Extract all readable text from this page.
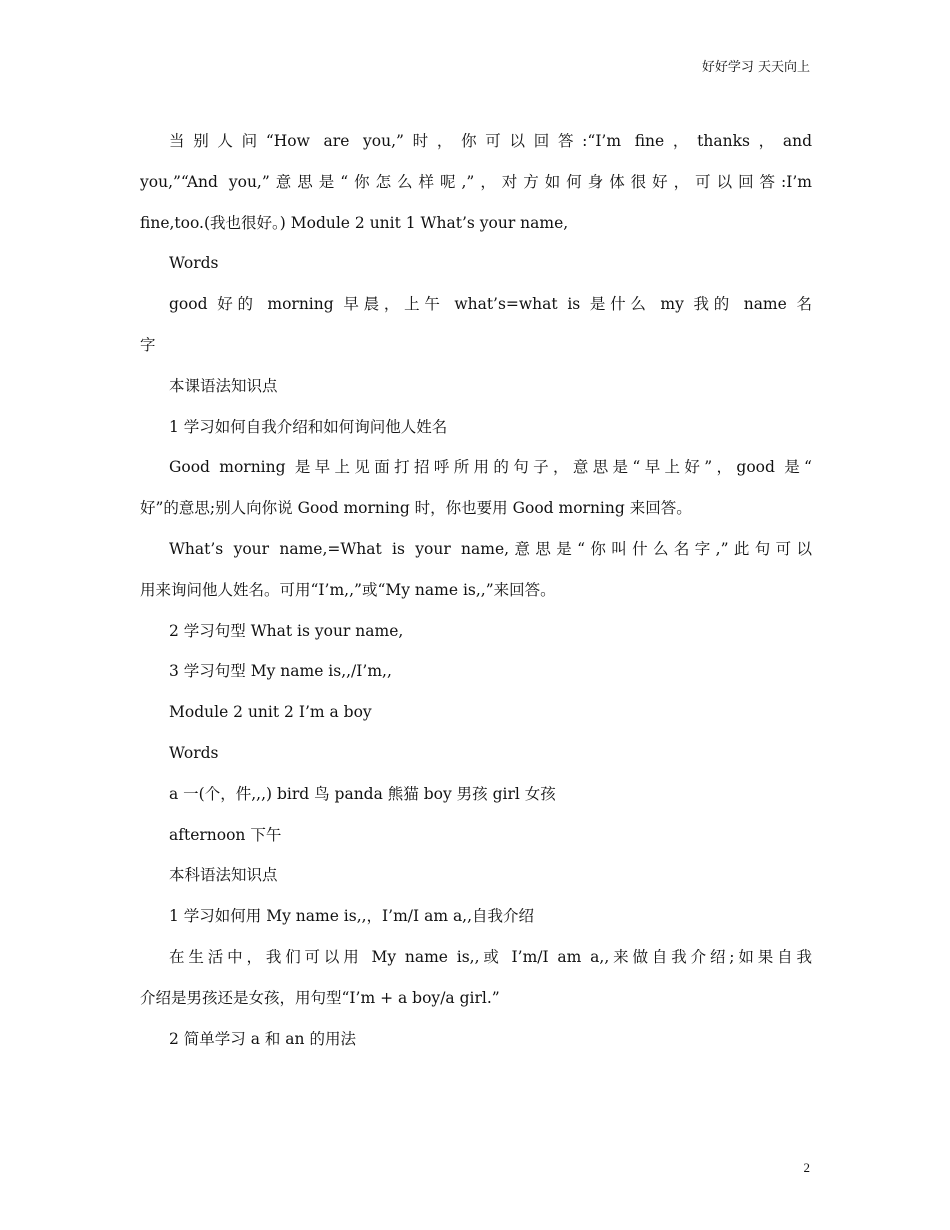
好好学习 天天向上
当别人问“How are you,”时，你可以回答:“I’m fine，thanks，and
you,”“And you,”意思是“你怎么样呢,”，对方如何身体很好，可以回答:I’m
fine,too.(我也很好。) Module 2 unit 1 What’s your name,
Words
good 好的 morning 早晨，上午 what’s=what is 是什么 my 我的 name 名
字
本课语法知识点
1 学习如何自我介绍和如何询问他人姓名
Good morning 是早上见面打招呼所用的句子，意思是“早上好”，good 是“
好”的意思;别人向你说 Good morning 时，你也要用 Good morning 来回答。
What’s your name,=What is your name,意思是“你叫什么名字,”此句可以
用来询问他人姓名。可用“I’m,,”或“My name is,,”来回答。
2 学习句型 What is your name,
3 学习句型 My name is,,/I’m,,
Module 2 unit 2 I’m a boy
Words
a 一(个，件,,,) bird 鸟 panda 熊猫 boy 男孩 girl 女孩
afternoon 下午
本科语法知识点
1 学习如何用 My name is,,，I’m/I am a,,自我介绍
在生活中，我们可以用 My name is,,或 I’m/I am a,,来做自我介绍;如果自我
介绍是男孩还是女孩，用句型“I’m + a boy/a girl.”
2 简单学习 a 和 an 的用法
2
